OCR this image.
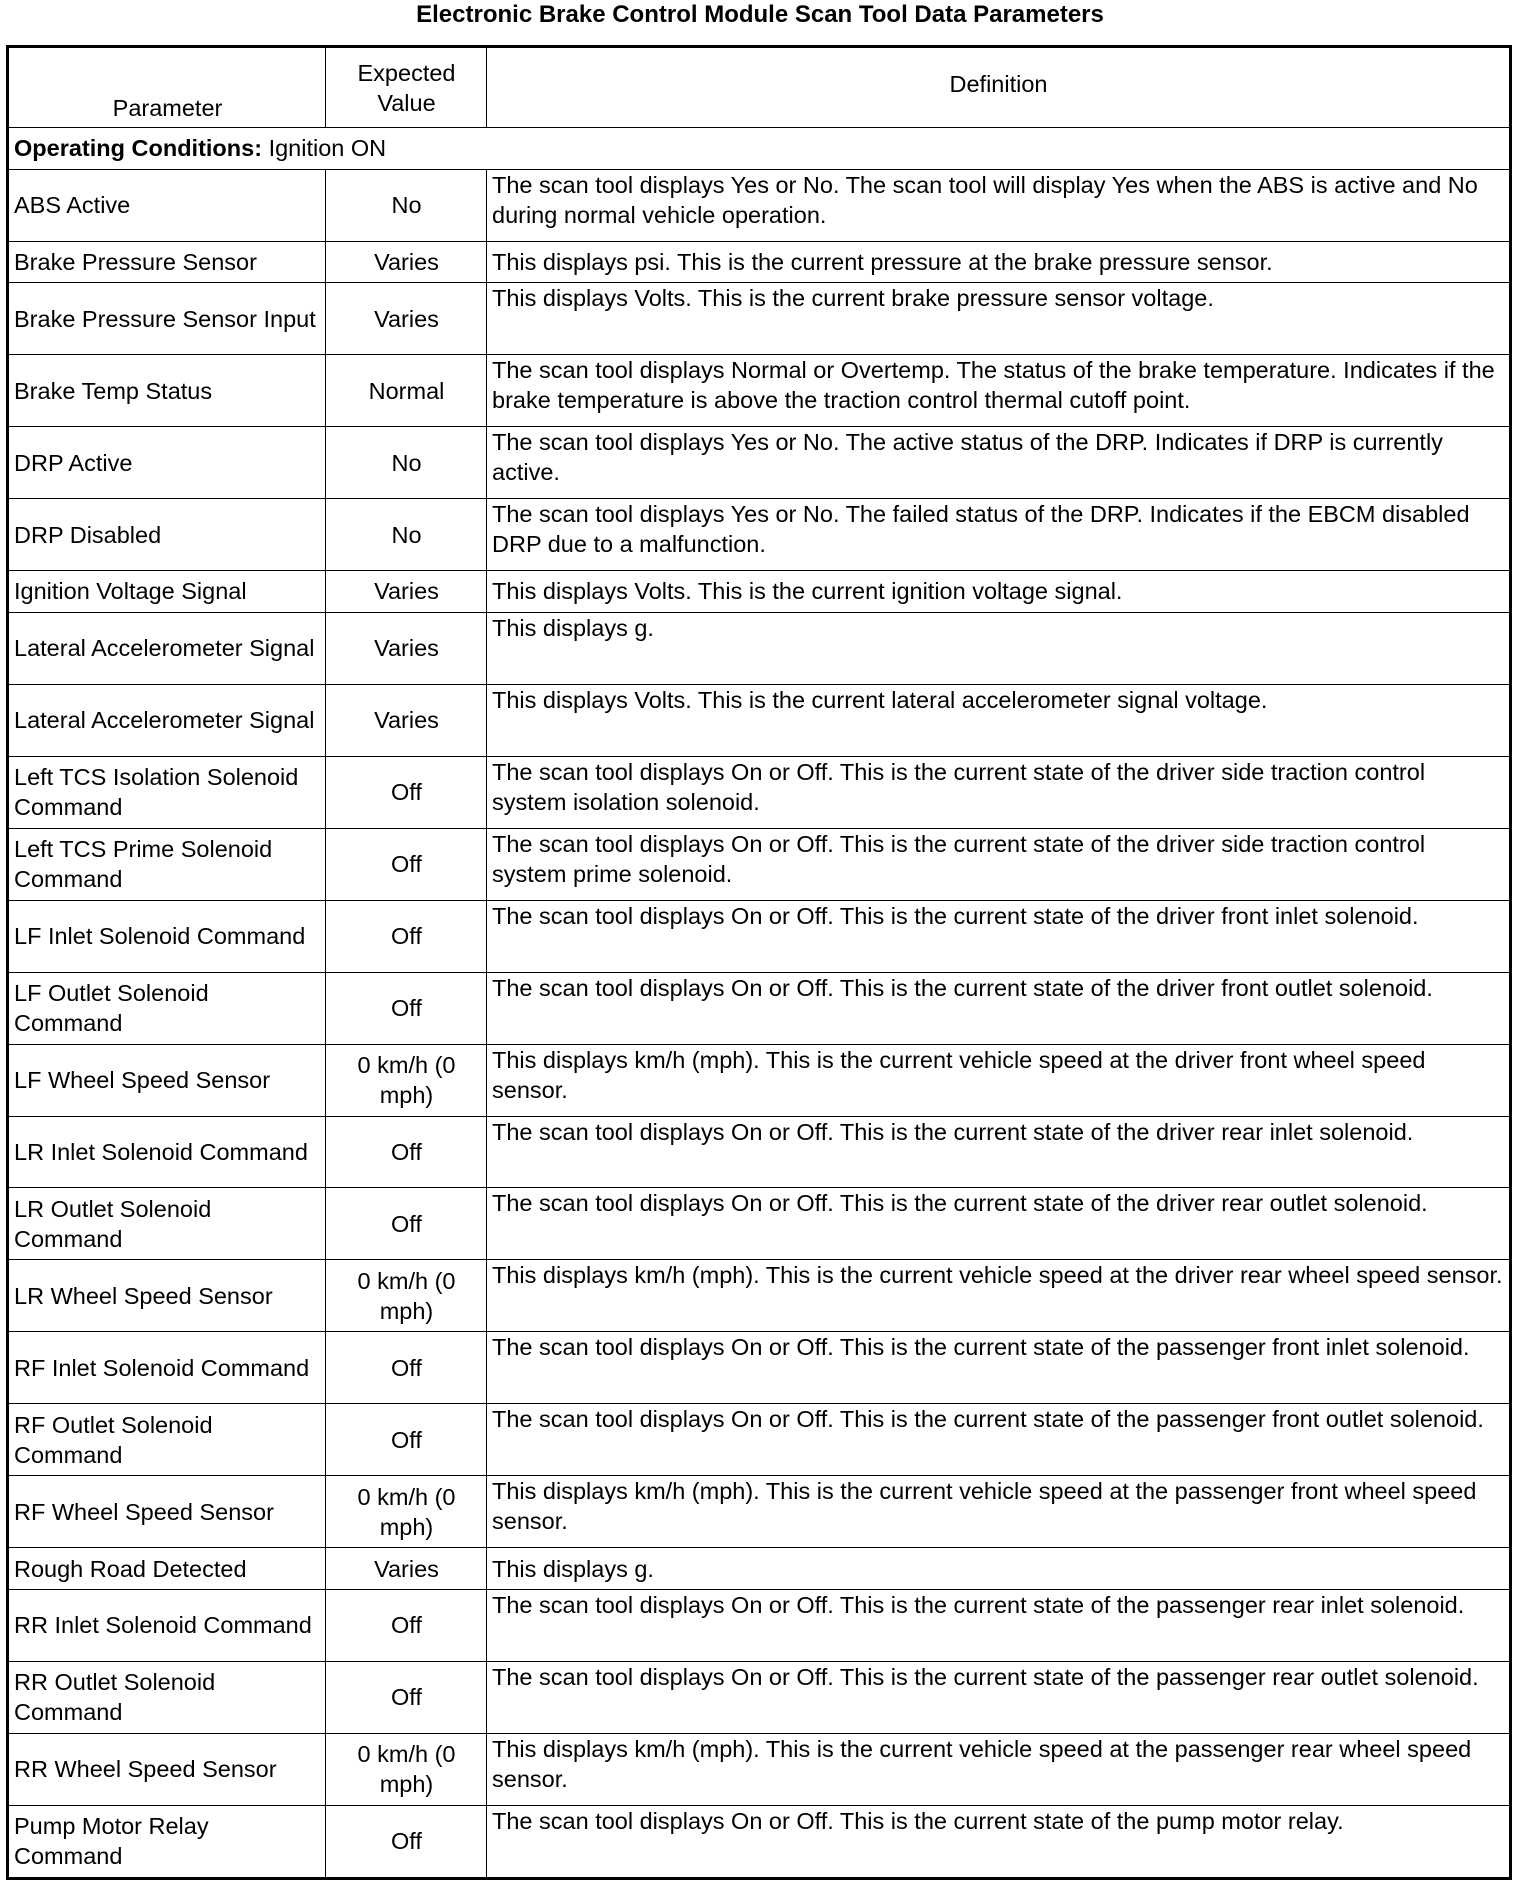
Electronic Brake Control Module Scan Tool Data Parameters
Parameter	Expected Value	Definition
Operating Conditions: Ignition ON		
ABS Active	No	The scan tool displays Yes or No. The scan tool will display Yes when the ABS is active and No during normal vehicle operation.
Brake Pressure Sensor	Varies	This displays psi. This is the current pressure at the brake pressure sensor.
Brake Pressure Sensor Input	Varies	This displays Volts. This is the current brake pressure sensor voltage.
Brake Temp Status	Normal	The scan tool displays Normal or Overtemp. The status of the brake temperature. Indicates if the brake temperature is above the traction control thermal cutoff point.
DRP Active	No	The scan tool displays Yes or No. The active status of the DRP. Indicates if DRP is currently active.
DRP Disabled	No	The scan tool displays Yes or No. The failed status of the DRP. Indicates if the EBCM disabled DRP due to a malfunction.
Ignition Voltage Signal	Varies	This displays Volts. This is the current ignition voltage signal.
Lateral Accelerometer Signal	Varies	This displays g.
Lateral Accelerometer Signal	Varies	This displays Volts. This is the current lateral accelerometer signal voltage.
Left TCS Isolation Solenoid Command	Off	The scan tool displays On or Off. This is the current state of the driver side traction control system isolation solenoid.
Left TCS Prime Solenoid Command	Off	The scan tool displays On or Off. This is the current state of the driver side traction control system prime solenoid.
LF Inlet Solenoid Command	Off	The scan tool displays On or Off. This is the current state of the driver front inlet solenoid.
LF Outlet Solenoid Command	Off	The scan tool displays On or Off. This is the current state of the driver front outlet solenoid.
LF Wheel Speed Sensor	0 km/h (0 mph)	This displays km/h (mph). This is the current vehicle speed at the driver front wheel speed sensor.
LR Inlet Solenoid Command	Off	The scan tool displays On or Off. This is the current state of the driver rear inlet solenoid.
LR Outlet Solenoid Command	Off	The scan tool displays On or Off. This is the current state of the driver rear outlet solenoid.
LR Wheel Speed Sensor	0 km/h (0 mph)	This displays km/h (mph). This is the current vehicle speed at the driver rear wheel speed sensor.
RF Inlet Solenoid Command	Off	The scan tool displays On or Off. This is the current state of the passenger front inlet solenoid.
RF Outlet Solenoid Command	Off	The scan tool displays On or Off. This is the current state of the passenger front outlet solenoid.
RF Wheel Speed Sensor	0 km/h (0 mph)	This displays km/h (mph). This is the current vehicle speed at the passenger front wheel speed sensor.
Rough Road Detected	Varies	This displays g.
RR Inlet Solenoid Command	Off	The scan tool displays On or Off. This is the current state of the passenger rear inlet solenoid.
RR Outlet Solenoid Command	Off	The scan tool displays On or Off. This is the current state of the passenger rear outlet solenoid.
RR Wheel Speed Sensor	0 km/h (0 mph)	This displays km/h (mph). This is the current vehicle speed at the passenger rear wheel speed sensor.
Pump Motor Relay Command	Off	The scan tool displays On or Off. This is the current state of the pump motor relay.
